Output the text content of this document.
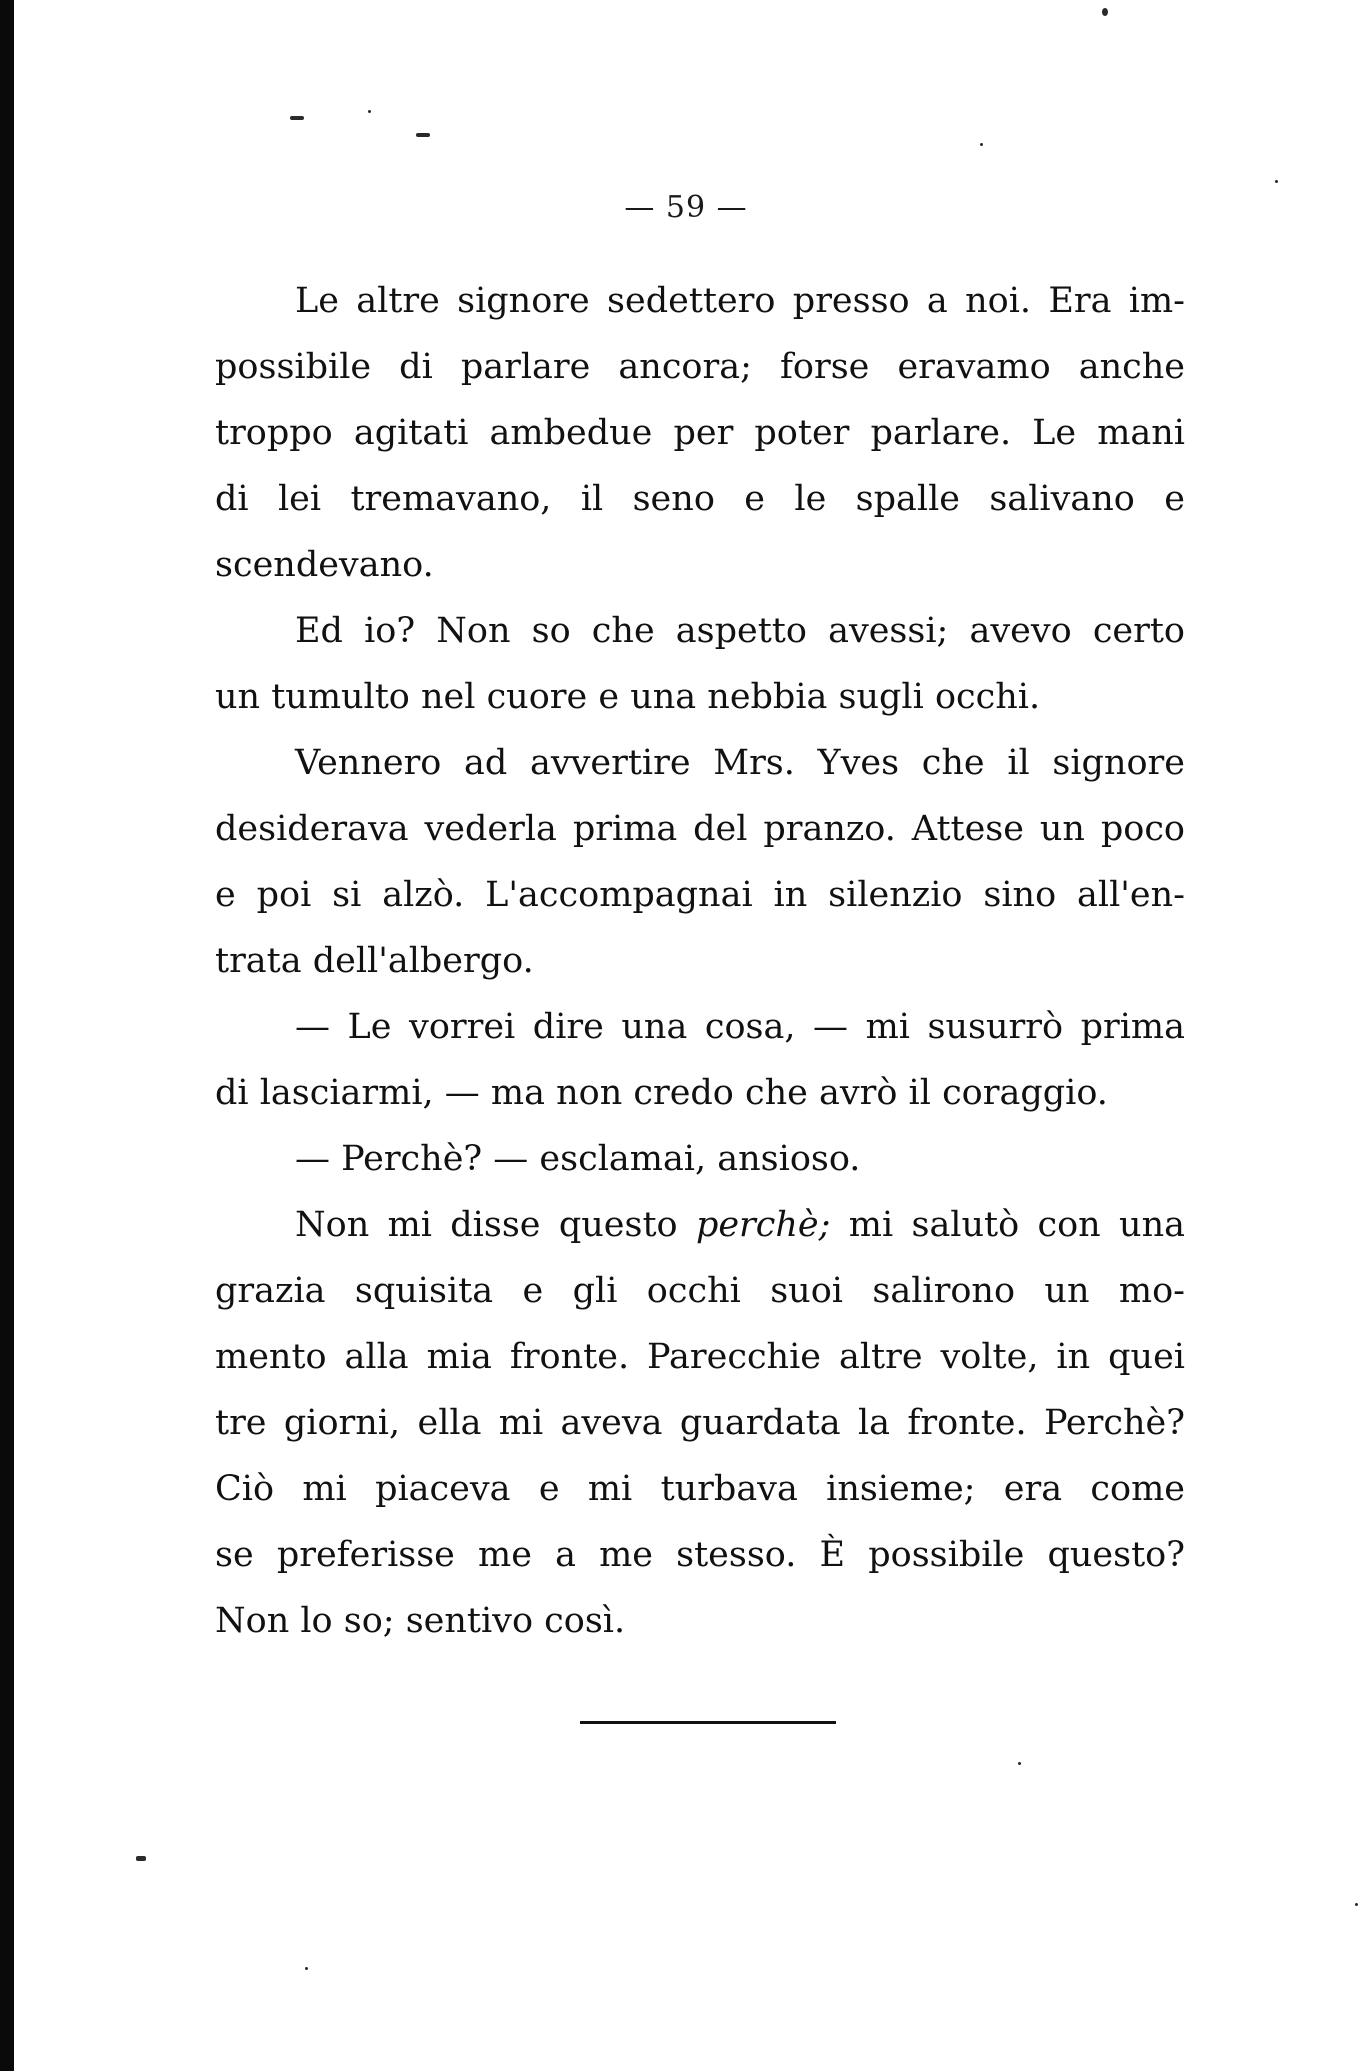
— 59 —
Le altre signore sedettero presso a noi. Era im-
possibile di parlare ancora; forse eravamo anche
troppo agitati ambedue per poter parlare. Le mani
di lei tremavano, il seno e le spalle salivano e
scendevano.
Ed io? Non so che aspetto avessi; avevo certo
un tumulto nel cuore e una nebbia sugli occhi.
Vennero ad avvertire Mrs. Yves che il signore
desiderava vederla prima del pranzo. Attese un poco
e poi si alzò. L'accompagnai in silenzio sino all'en-
trata dell'albergo.
— Le vorrei dire una cosa, — mi susurrò prima
di lasciarmi, — ma non credo che avrò il coraggio.
— Perchè? — esclamai, ansioso.
Non mi disse questo perchè; mi salutò con una
grazia squisita e gli occhi suoi salirono un mo-
mento alla mia fronte. Parecchie altre volte, in quei
tre giorni, ella mi aveva guardata la fronte. Perchè?
Ciò mi piaceva e mi turbava insieme; era come
se preferisse me a me stesso. È possibile questo?
Non lo so; sentivo così.
